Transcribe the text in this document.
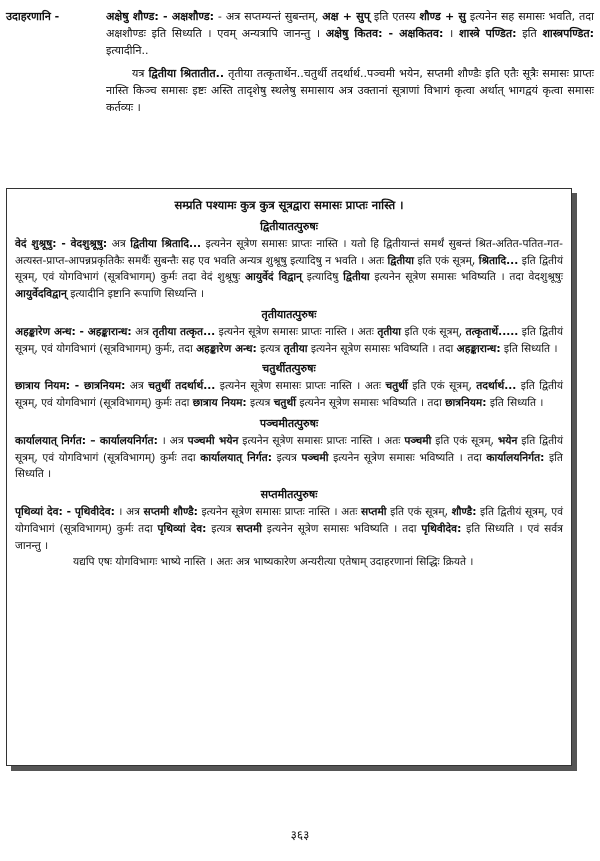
उदाहरणानि -	अक्षेषु शौण्ड: - अक्षशौण्ड: - अत्र सप्तम्यन्तं सुबन्तम्, अक्ष + सुप् इति एतस्य शौण्ड + सु इत्यनेन सह समासः भवति, तदा अक्षशौण्डः इति सिध्यति । एवम् अन्यत्रापि जानन्तु । अक्षेषु कितव: - अक्षकितव: । शास्त्रे पण्डित: इति शास्त्रपण्डित: इत्यादीनि..

यत्र द्वितीया श्रितातीत.. तृतीया तत्कृतार्थेन..चतुर्थी तदर्थार्थ..पञ्चमी भयेन, सप्तमी शौण्डैः इति एतैः सूत्रैः समासः प्राप्तः नास्ति किञ्च समासः इष्टः अस्ति तादृशेषु स्थलेषु समासाय अत्र उक्तानां सूत्राणां विभागं कृत्वा अर्थात् भागद्वयं कृत्वा समासः कर्तव्यः ।

सम्प्रति पश्यामः कुत्र कुत्र सूत्रद्वारा समासः प्राप्तः नास्ति ।
द्वितीयातत्पुरुषः

वेदं शुश्रूषु: - वेदशुश्रूषु: अत्र द्वितीया श्रितादि... इत्यनेन सूत्रेण समासः प्राप्तः नास्ति । यतो हि द्वितीयान्तं समर्थं सुबन्तं श्रित-अतित-पतित-गत-अत्यस्त-प्राप्त-आपन्नप्रकृतिकैः समर्थैः सुबन्तैः सह एव भवति अन्यत्र शुश्रूषु इत्यादिषु न भवति । अतः द्वितीया इति एकं सूत्रम्, श्रितादि... इति द्वितीयं सूत्रम्, एवं योगविभागं (सूत्रविभागम्) कुर्मः तदा वेदं शुश्रूषुः आयुर्वेदं विद्वान् इत्यादिषु द्वितीया इत्यनेन सूत्रेण समासः भविष्यति । तदा वेदशुश्रूषुः आयुर्वेदविद्वान् इत्यादीनि इष्टानि रूपाणि सिध्यन्ति ।

तृतीयातत्पुरुषः

अहङ्कारेण अन्ध: - अहङ्कारान्ध: अत्र तृतीया तत्कृत... इत्यनेन सूत्रेण समासः प्राप्तः नास्ति । अतः तृतीया इति एकं सूत्रम्, तत्कृतार्थे..... इति द्वितीयं सूत्रम्, एवं योगविभागं (सूत्रविभागम्) कुर्मः, तदा अहङ्कारेण अन्ध: इत्यत्र तृतीया इत्यनेन सूत्रेण समासः भविष्यति । तदा अहङ्कारान्ध: इति सिध्यति ।

चतुर्थीतत्पुरुषः

छात्राय नियम: - छात्रनियम: अत्र चतुर्थी तदर्थार्थ... इत्यनेन सूत्रेण समासः प्राप्तः नास्ति । अतः चतुर्थी इति एकं सूत्रम्, तदर्थार्थ... इति द्वितीयं सूत्रम्, एवं योगविभागं (सूत्रविभागम्) कुर्मः तदा छात्राय नियम: इत्यत्र चतुर्थी इत्यनेन सूत्रेण समासः भविष्यति । तदा छात्रनियम: इति सिध्यति ।

पञ्चमीतत्पुरुषः

कार्यालयात् निर्गत: – कार्यालयनिर्गत: । अत्र पञ्चमी भयेन इत्यनेन सूत्रेण समासः प्राप्तः नास्ति । अतः पञ्चमी इति एकं सूत्रम्, भयेन इति द्वितीयं सूत्रम्, एवं योगविभागं (सूत्रविभागम्) कुर्मः तदा कार्यालयात् निर्गत: इत्यत्र पञ्चमी इत्यनेन सूत्रेण समासः भविष्यति । तदा कार्यालयनिर्गत: इति सिध्यति ।

सप्तमीतत्पुरुषः

पृथिव्यां देव: - पृथिवीदेव: । अत्र सप्तमी शौण्डै: इत्यनेन सूत्रेण समासः प्राप्तः नास्ति । अतः सप्तमी इति एकं सूत्रम्, शौण्डै: इति द्वितीयं सूत्रम्, एवं योगविभागं (सूत्रविभागम्) कुर्मः तदा पृथिव्यां देव: इत्यत्र सप्तमी इत्यनेन सूत्रेण समासः भविष्यति । तदा पृथिवीदेव: इति सिध्यति । एवं सर्वत्र जानन्तु ।

यद्यपि एषः योगविभागः भाष्ये नास्ति । अतः अत्र भाष्यकारेण अन्यरीत्या एतेषाम् उदाहरणानां सिद्धिः क्रियते ।

३६३
